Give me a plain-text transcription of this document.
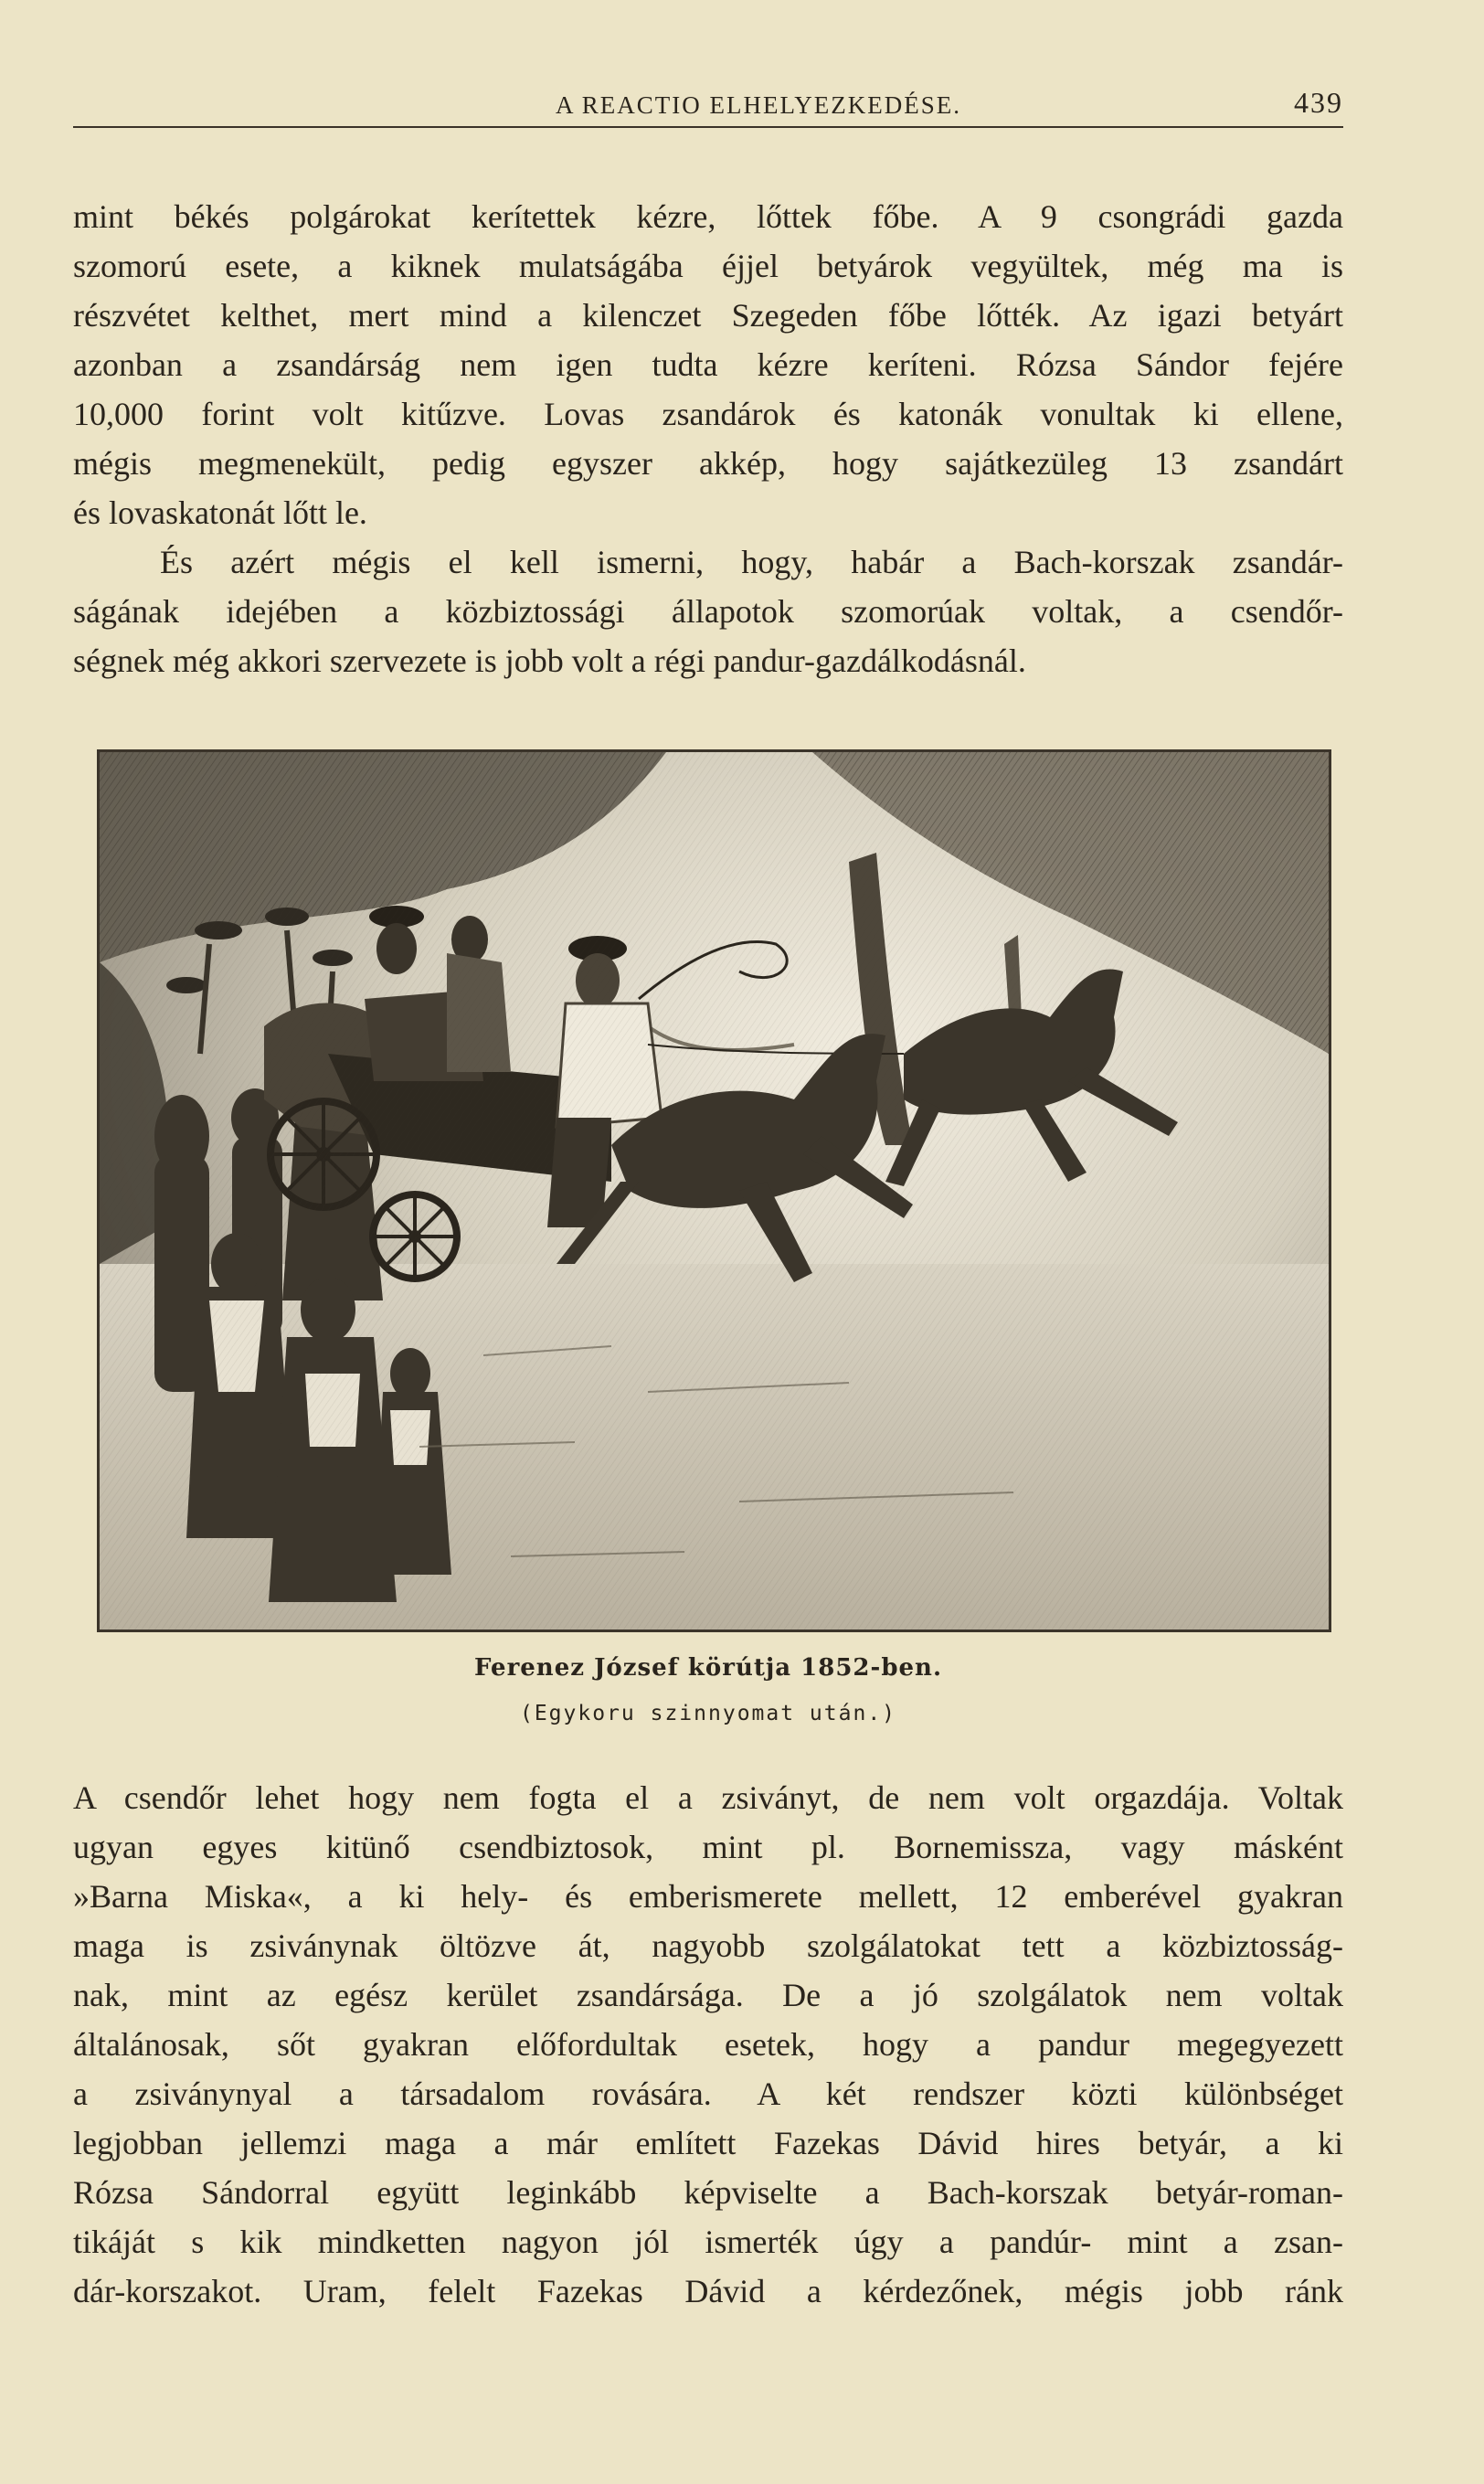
A REACTIO ELHELYEZKEDÉSE.	439
mint békés polgárokat kerítettek kézre, lőttek főbe. A 9 csongrádi gazda
szomorú esete, a kiknek mulatságába éjjel betyárok vegyültek, még ma is
részvétet kelthet, mert mind a kilenczet Szegeden főbe lőtték. Az igazi betyárt
azonban a zsandárság nem igen tudta kézre keríteni. Rózsa Sándor fejére
10,000 forint volt kitűzve. Lovas zsandárok és katonák vonultak ki ellene,
mégis megmenekült, pedig egyszer akkép, hogy sajátkezüleg 13 zsandárt
és lovaskatonát lőtt le.
És azért mégis el kell ismerni, hogy, habár a Bach-korszak zsandár-
ságának idejében a közbiztossági állapotok szomorúak voltak, a csendőr-
ségnek még akkori szervezete is jobb volt a régi pandur-gazdálkodásnál.
Ferenez József körútja 1852-ben.
(Egykoru szinnyomat után.)
A csendőr lehet hogy nem fogta el a zsiványt, de nem volt orgazdája. Voltak
ugyan egyes kitünő csendbiztosok, mint pl. Bornemissza, vagy másként
»Barna Miska«, a ki hely- és emberismerete mellett, 12 emberével gyakran
maga is zsiványnak öltözve át, nagyobb szolgálatokat tett a közbiztosság-
nak, mint az egész kerület zsandársága. De a jó szolgálatok nem voltak
általánosak, sőt gyakran előfordultak esetek, hogy a pandur megegyezett
a zsiványnyal a társadalom rovására. A két rendszer közti különbséget
legjobban jellemzi maga a már említett Fazekas Dávid hires betyár, a ki
Rózsa Sándorral együtt leginkább képviselte a Bach-korszak betyár-roman-
tikáját s kik mindketten nagyon jól ismerték úgy a pandúr- mint a zsan-
dár-korszakot. Uram, felelt Fazekas Dávid a kérdezőnek, mégis jobb ránk
